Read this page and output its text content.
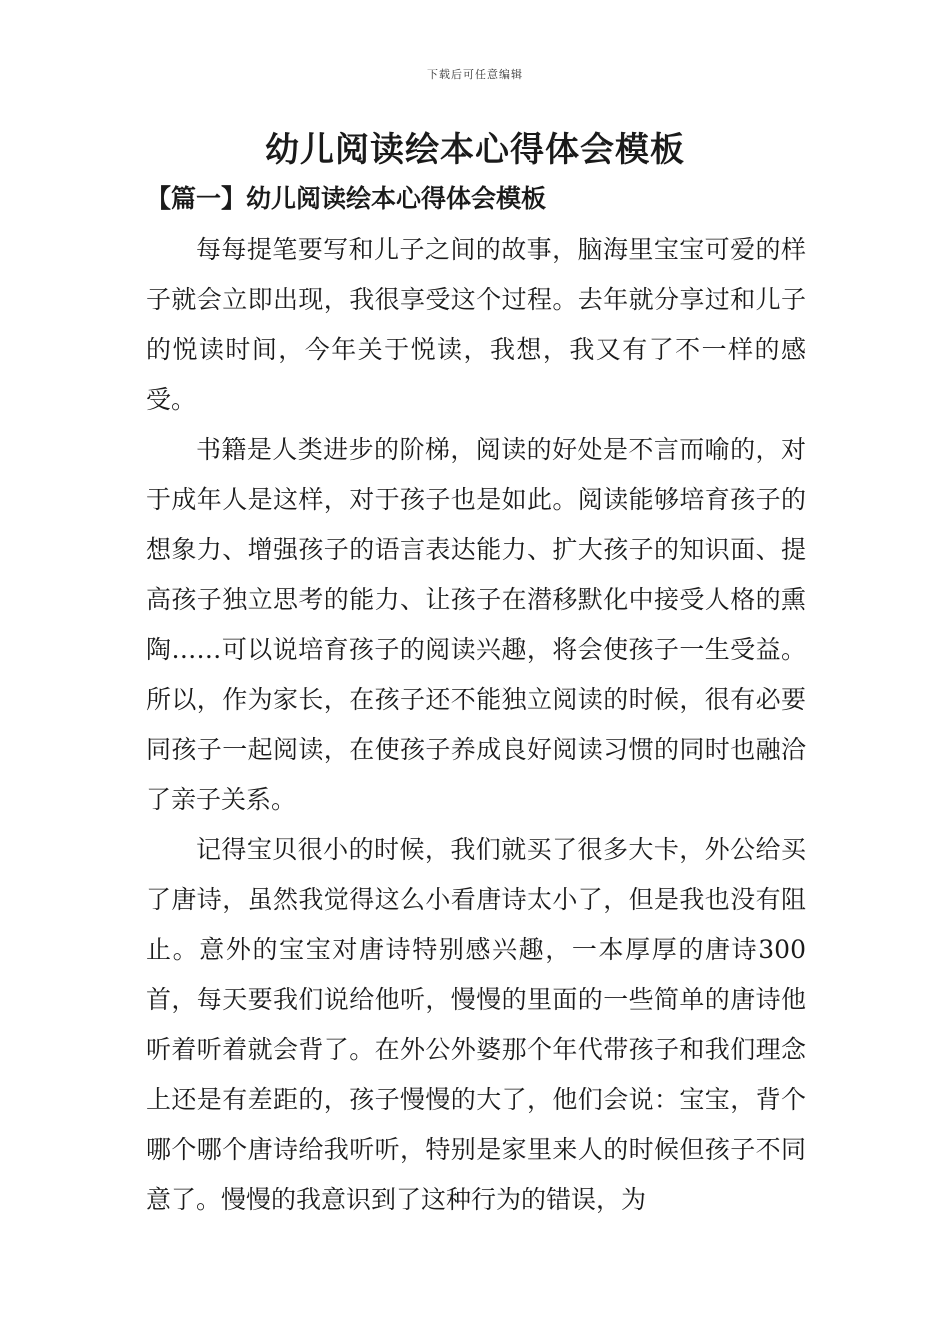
下载后可任意编辑
幼儿阅读绘本心得体会模板
【篇一】幼儿阅读绘本心得体会模板

每每提笔要写和儿子之间的故事，脑海里宝宝可爱的样子就会立即出现，我很享受这个过程。去年就分享过和儿子的悦读时间，今年关于悦读，我想，我又有了不一样的感受。

书籍是人类进步的阶梯，阅读的好处是不言而喻的，对于成年人是这样，对于孩子也是如此。阅读能够培育孩子的想象力、增强孩子的语言表达能力、扩大孩子的知识面、提高孩子独立思考的能力、让孩子在潜移默化中接受人格的熏陶……可以说培育孩子的阅读兴趣，将会使孩子一生受益。所以，作为家长，在孩子还不能独立阅读的时候，很有必要同孩子一起阅读，在使孩子养成良好阅读习惯的同时也融洽了亲子关系。

记得宝贝很小的时候，我们就买了很多大卡，外公给买了唐诗，虽然我觉得这么小看唐诗太小了，但是我也没有阻止。意外的宝宝对唐诗特别感兴趣，一本厚厚的唐诗300首，每天要我们说给他听，慢慢的里面的一些简单的唐诗他听着听着就会背了。在外公外婆那个年代带孩子和我们理念上还是有差距的，孩子慢慢的大了，他们会说：宝宝，背个哪个哪个唐诗给我听听，特别是家里来人的时候但孩子不同意了。慢慢的我意识到了这种行为的错误，为
